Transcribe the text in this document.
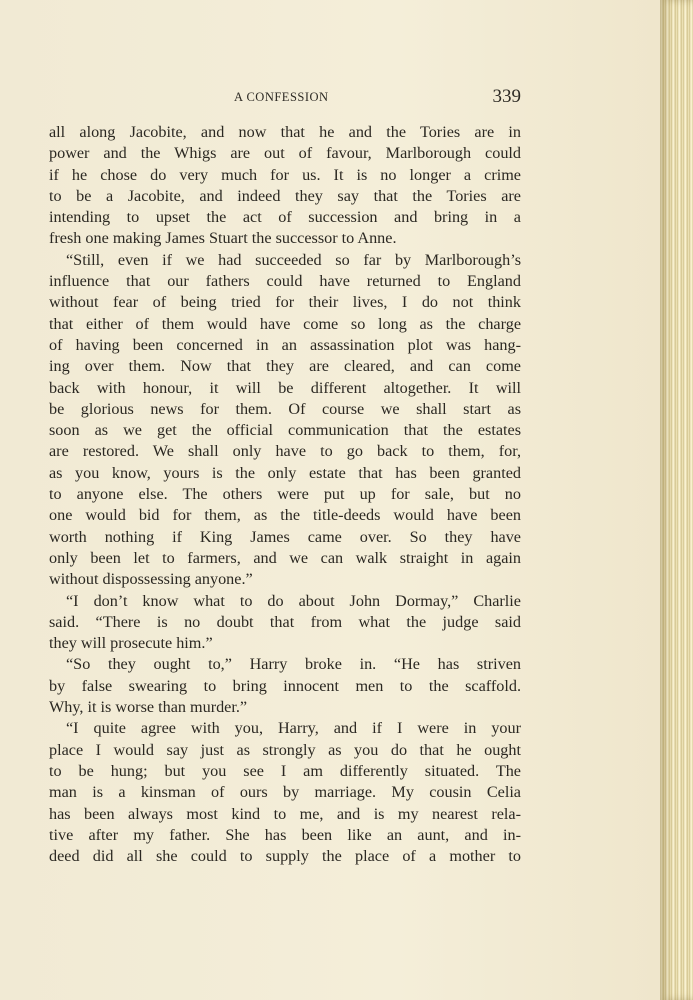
A CONFESSION	339
all along Jacobite, and now that he and the Tories are in
power and the Whigs are out of favour, Marlborough could
if he chose do very much for us. It is no longer a crime
to be a Jacobite, and indeed they say that the Tories are
intending to upset the act of succession and bring in a
fresh one making James Stuart the successor to Anne.
“Still, even if we had succeeded so far by Marlborough’s
influence that our fathers could have returned to England
without fear of being tried for their lives, I do not think
that either of them would have come so long as the charge
of having been concerned in an assassination plot was hang-
ing over them. Now that they are cleared, and can come
back with honour, it will be different altogether. It will
be glorious news for them. Of course we shall start as
soon as we get the official communication that the estates
are restored. We shall only have to go back to them, for,
as you know, yours is the only estate that has been granted
to anyone else. The others were put up for sale, but no
one would bid for them, as the title-deeds would have been
worth nothing if King James came over. So they have
only been let to farmers, and we can walk straight in again
without dispossessing anyone.”
“I don’t know what to do about John Dormay,” Charlie
said. “There is no doubt that from what the judge said
they will prosecute him.”
“So they ought to,” Harry broke in. “He has striven
by false swearing to bring innocent men to the scaffold.
Why, it is worse than murder.”
“I quite agree with you, Harry, and if I were in your
place I would say just as strongly as you do that he ought
to be hung; but you see I am differently situated. The
man is a kinsman of ours by marriage. My cousin Celia
has been always most kind to me, and is my nearest rela-
tive after my father. She has been like an aunt, and in-
deed did all she could to supply the place of a mother to
